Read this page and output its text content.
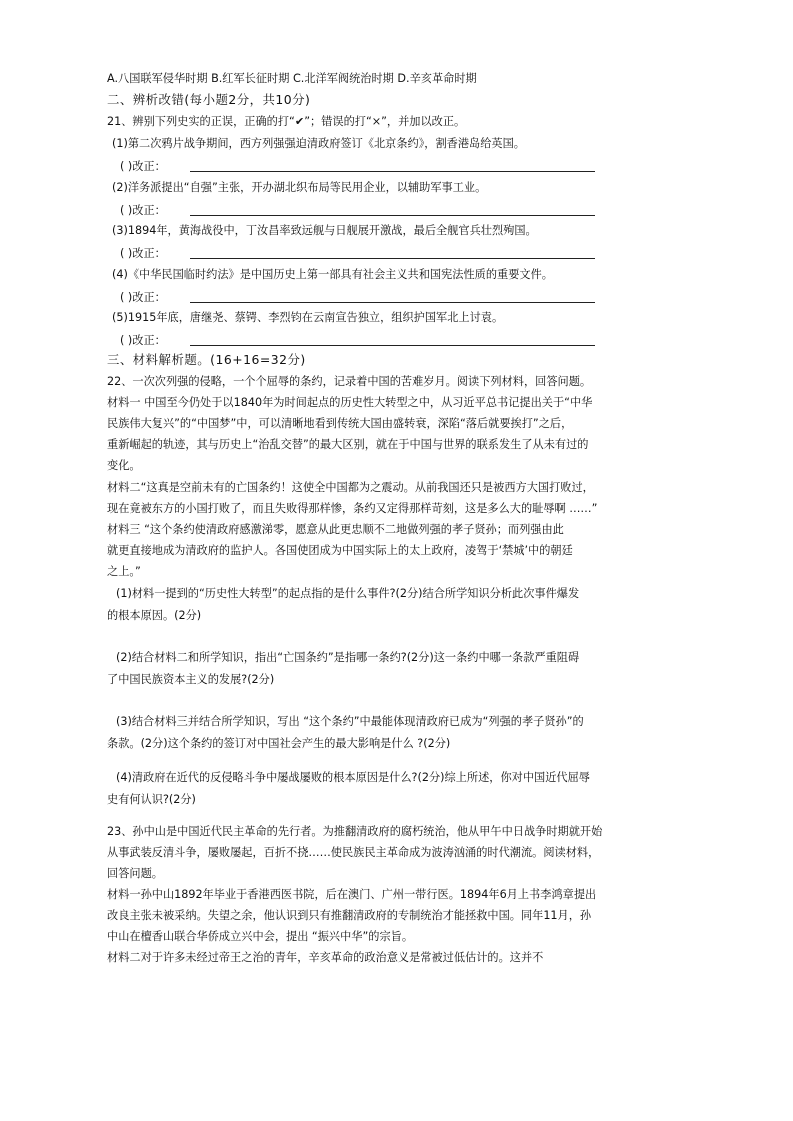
A.八国联军侵华时期 B.红军长征时期 C.北洋军阀统治时期 D.辛亥革命时期
二、辨析改错(每小题2分，共10分)
21、辨别下列史实的正误，正确的打“✔”；错误的打“×”，并加以改正。
(1)第二次鸦片战争期间，西方列强强迫清政府签订《北京条约》，割香港岛给英国。
( )改正：
(2)洋务派提出“自强”主张，开办湖北织布局等民用企业，以辅助军事工业。
( )改正：
(3)1894年，黄海战役中，丁汝昌率致远舰与日舰展开激战，最后全舰官兵壮烈殉国。
( )改正：
(4)《中华民国临时约法》是中国历史上第一部具有社会主义共和国宪法性质的重要文件。
( )改正：
(5)1915年底，唐继尧、蔡锷、李烈钧在云南宣告独立，组织护国军北上讨袁。
( )改正：
三、材料解析题。(16+16=32分)
22、一次次列强的侵略，一个个屈辱的条约，记录着中国的苦难岁月。阅读下列材料，回答问题。
材料一 中国至今仍处于以1840年为时间起点的历史性大转型之中，从习近平总书记提出关于“中华
民族伟大复兴”的“中国梦”中，可以清晰地看到传统大国由盛转衰，深陷“落后就要挨打”之后，
重新崛起的轨迹，其与历史上“治乱交替”的最大区别，就在于中国与世界的联系发生了从未有过的
变化。
材料二“这真是空前未有的亡国条约！这使全中国都为之震动。从前我国还只是被西方大国打败过，
现在竟被东方的小国打败了，而且失败得那样惨，条约又定得那样苛刻，这是多么大的耻辱啊 ……”
材料三 “这个条约使清政府感激涕零，愿意从此更忠顺不二地做列强的孝子贤孙；而列强由此
就更直接地成为清政府的监护人。各国使团成为中国实际上的太上政府，凌驾于‘禁城’中的朝廷
之上。”
(1)材料一提到的“历史性大转型”的起点指的是什么事件?(2分)结合所学知识分析此次事件爆发
的根本原因。(2分)
(2)结合材料二和所学知识，指出“亡国条约”是指哪一条约?(2分)这一条约中哪一条款严重阻碍
了中国民族资本主义的发展?(2分)
(3)结合材料三并结合所学知识，写出 “这个条约”中最能体现清政府已成为“列强的孝子贤孙”的
条款。(2分)这个条约的签订对中国社会产生的最大影响是什么 ?(2分)
(4)清政府在近代的反侵略斗争中屡战屡败的根本原因是什么?(2分)综上所述，你对中国近代屈辱
史有何认识?(2分)
23、孙中山是中国近代民主革命的先行者。为推翻清政府的腐朽统治，他从甲午中日战争时期就开始
从事武装反清斗争，屡败屡起，百折不挠……使民族民主革命成为波涛汹涌的时代潮流。阅读材料，
回答问题。
材料一孙中山1892年毕业于香港西医书院，后在澳门、广州一带行医。1894年6月上书李鸿章提出
改良主张未被采纳。失望之余，他认识到只有推翻清政府的专制统治才能拯救中国。同年11月，孙
中山在檀香山联合华侨成立兴中会，提出 “振兴中华”的宗旨。
材料二对于许多未经过帝王之治的青年，辛亥革命的政治意义是常被过低估计的。这并不
